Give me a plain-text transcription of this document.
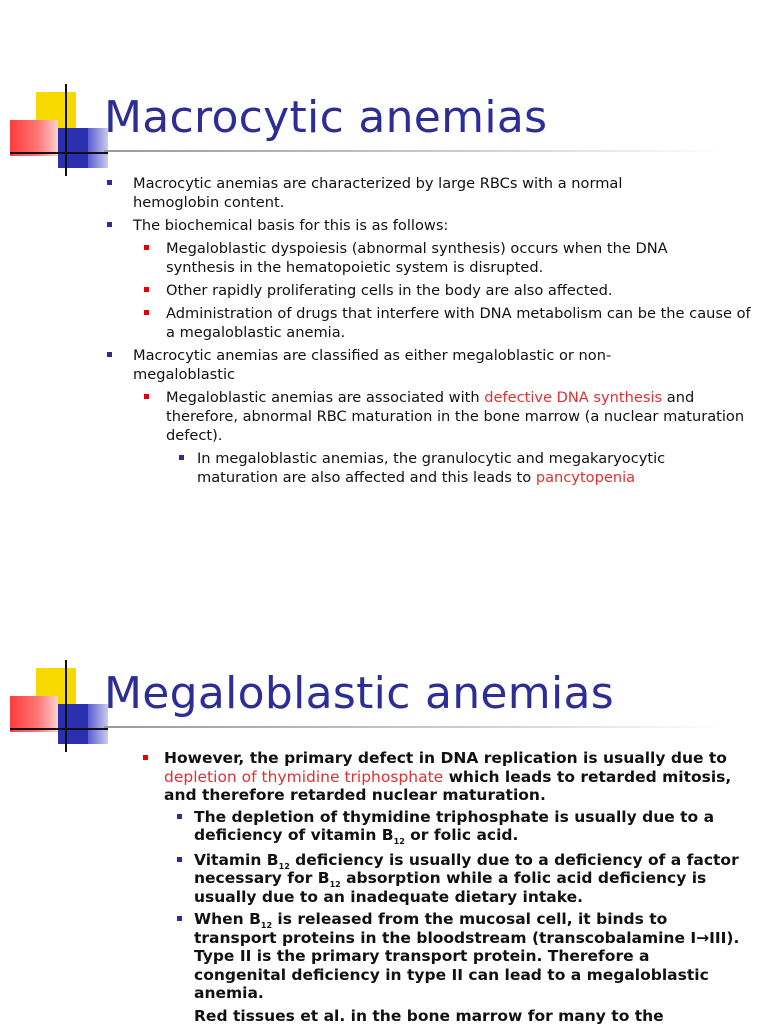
Macrocytic anemias
Macrocytic anemias are characterized by large RBCs with a normal hemoglobin content.
The biochemical basis for this is as follows:
Megaloblastic dyspoiesis (abnormal synthesis) occurs when the DNA synthesis in the hematopoietic system is disrupted.
Other rapidly proliferating cells in the body are also affected.
Administration of drugs that interfere with DNA metabolism can be the cause of a megaloblastic anemia.
Macrocytic anemias are classified as either megaloblastic or non-megaloblastic
Megaloblastic anemias are associated with defective DNA synthesis and therefore, abnormal RBC maturation in the bone marrow (a nuclear maturation defect).
In megaloblastic anemias, the granulocytic and megakaryocytic maturation are also affected and this leads to pancytopenia
Megaloblastic anemias
However, the primary defect in DNA replication is usually due to depletion of thymidine triphosphate which leads to retarded mitosis, and therefore retarded nuclear maturation.
The depletion of thymidine triphosphate is usually due to a deficiency of vitamin $B_{12}$ or folic acid.
Vitamin $B_{12}$ deficiency is usually due to a deficiency of a factor necessary for $B_{12}$ absorption while a folic acid deficiency is usually due to an inadequate dietary intake.
When $B_{12}$ is released from the mucosal cell, it binds to transport proteins in the bloodstream (transcobalamine I→III). Type II is the primary transport protein. Therefore a congenital deficiency in type II can lead to a megaloblastic anemia.
Red tissues et al. in the bone marrow for many to the
